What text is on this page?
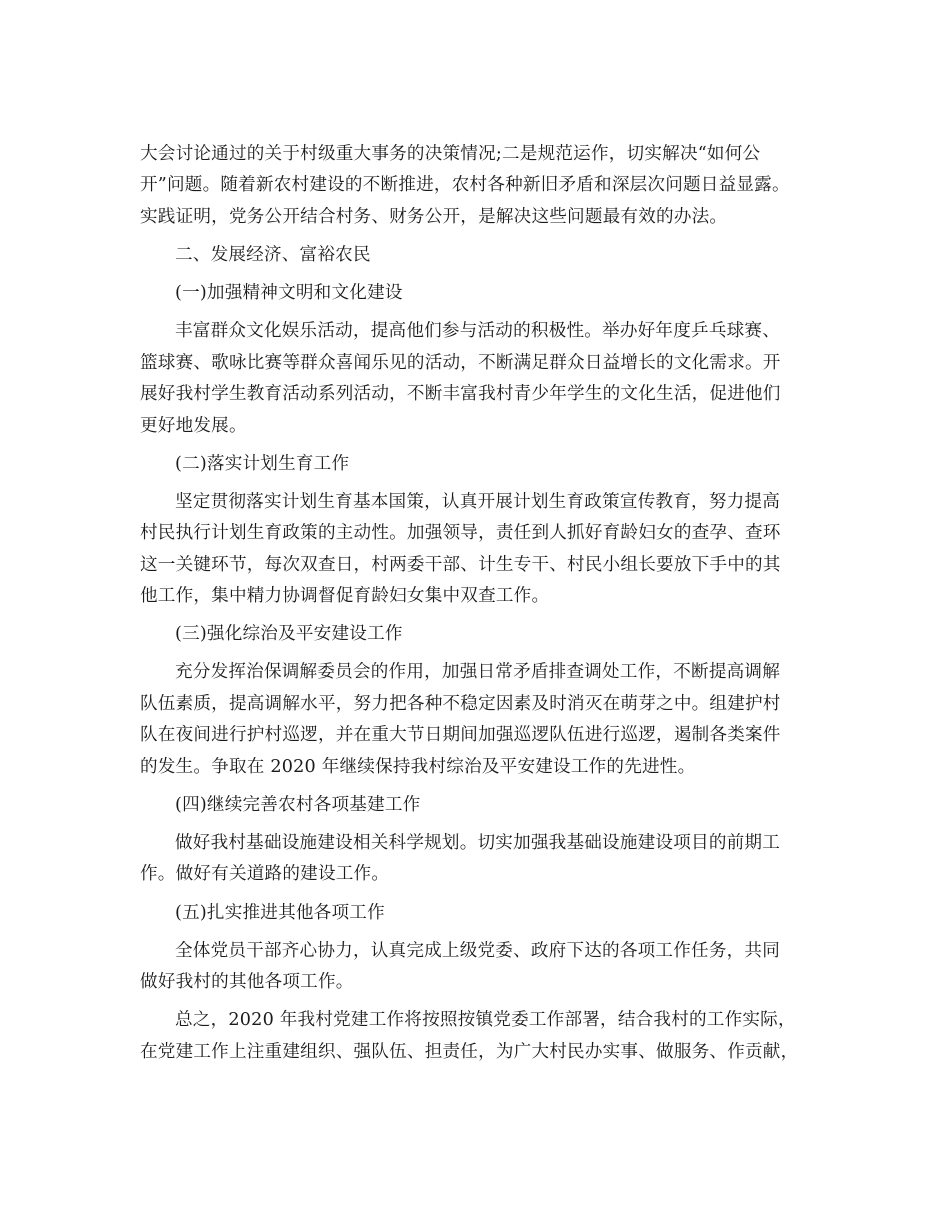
大会讨论通过的关于村级重大事务的决策情况;二是规范运作，切实解决“如何公
开”问题。随着新农村建设的不断推进，农村各种新旧矛盾和深层次问题日益显露。
实践证明，党务公开结合村务、财务公开，是解决这些问题最有效的办法。
二、发展经济、富裕农民
(一)加强精神文明和文化建设
丰富群众文化娱乐活动，提高他们参与活动的积极性。举办好年度乒乓球赛、
篮球赛、歌咏比赛等群众喜闻乐见的活动，不断满足群众日益增长的文化需求。开
展好我村学生教育活动系列活动，不断丰富我村青少年学生的文化生活，促进他们
更好地发展。
(二)落实计划生育工作
坚定贯彻落实计划生育基本国策，认真开展计划生育政策宣传教育，努力提高
村民执行计划生育政策的主动性。加强领导，责任到人抓好育龄妇女的查孕、查环
这一关键环节，每次双查日，村两委干部、计生专干、村民小组长要放下手中的其
他工作，集中精力协调督促育龄妇女集中双查工作。
(三)强化综治及平安建设工作
充分发挥治保调解委员会的作用，加强日常矛盾排查调处工作，不断提高调解
队伍素质，提高调解水平，努力把各种不稳定因素及时消灭在萌芽之中。组建护村
队在夜间进行护村巡逻，并在重大节日期间加强巡逻队伍进行巡逻，遏制各类案件
的发生。争取在 2020 年继续保持我村综治及平安建设工作的先进性。
(四)继续完善农村各项基建工作
做好我村基础设施建设相关科学规划。切实加强我基础设施建设项目的前期工
作。做好有关道路的建设工作。
(五)扎实推进其他各项工作
全体党员干部齐心协力，认真完成上级党委、政府下达的各项工作任务，共同
做好我村的其他各项工作。
总之，2020 年我村党建工作将按照按镇党委工作部署，结合我村的工作实际，
在党建工作上注重建组织、强队伍、担责任，为广大村民办实事、做服务、作贡献，
